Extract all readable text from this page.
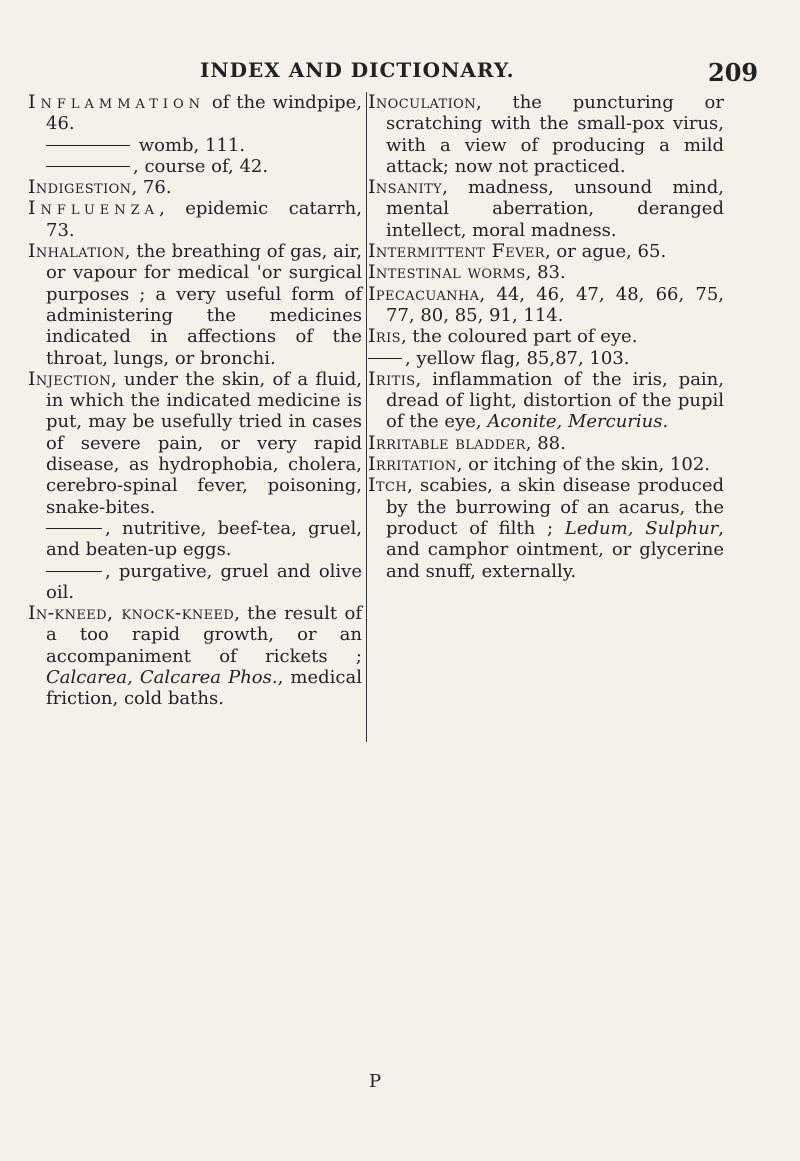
INDEX AND DICTIONARY.	209

Inflammation of the windpipe, 46.

womb, 111.

, course of, 42.

Indigestion, 76.

Influenza, epidemic catarrh, 73.

Inhalation, the breathing of gas, air, or vapour for medical 'or surgical purposes ; a very useful form of administering the medicines indicated in affections of the throat, lungs, or bronchi.

Injection, under the skin, of a fluid, in which the indicated medicine is put, may be usefully tried in cases of severe pain, or very rapid disease, as hydrophobia, cholera, cerebro-spinal fever, poisoning, snake-bites.

, nutritive, beef-tea, gruel, and beaten-up eggs.

, purgative, gruel and olive oil.

In-kneed, knock-kneed, the result of a too rapid growth, or an accompaniment of rickets ; Calcarea, Calcarea Phos., medical friction, cold baths.

Inoculation, the puncturing or scratching with the small-pox virus, with a view of producing a mild attack; now not practiced.

Insanity, madness, unsound mind, mental aberration, deranged intellect, moral madness.

Intermittent Fever, or ague, 65.

Intestinal worms, 83.

Ipecacuanha, 44, 46, 47, 48, 66, 75, 77, 80, 85, 91, 114.

Iris, the coloured part of eye.

, yellow flag, 85,87, 103.

Iritis, inflammation of the iris, pain, dread of light, distortion of the pupil of the eye, Aconite, Mercurius.

Irritable bladder, 88.

Irritation, or itching of the skin, 102.

Itch, scabies, a skin disease produced by the burrowing of an acarus, the product of filth ; Ledum, Sulphur, and camphor ointment, or glycerine and snuff, externally.

P
